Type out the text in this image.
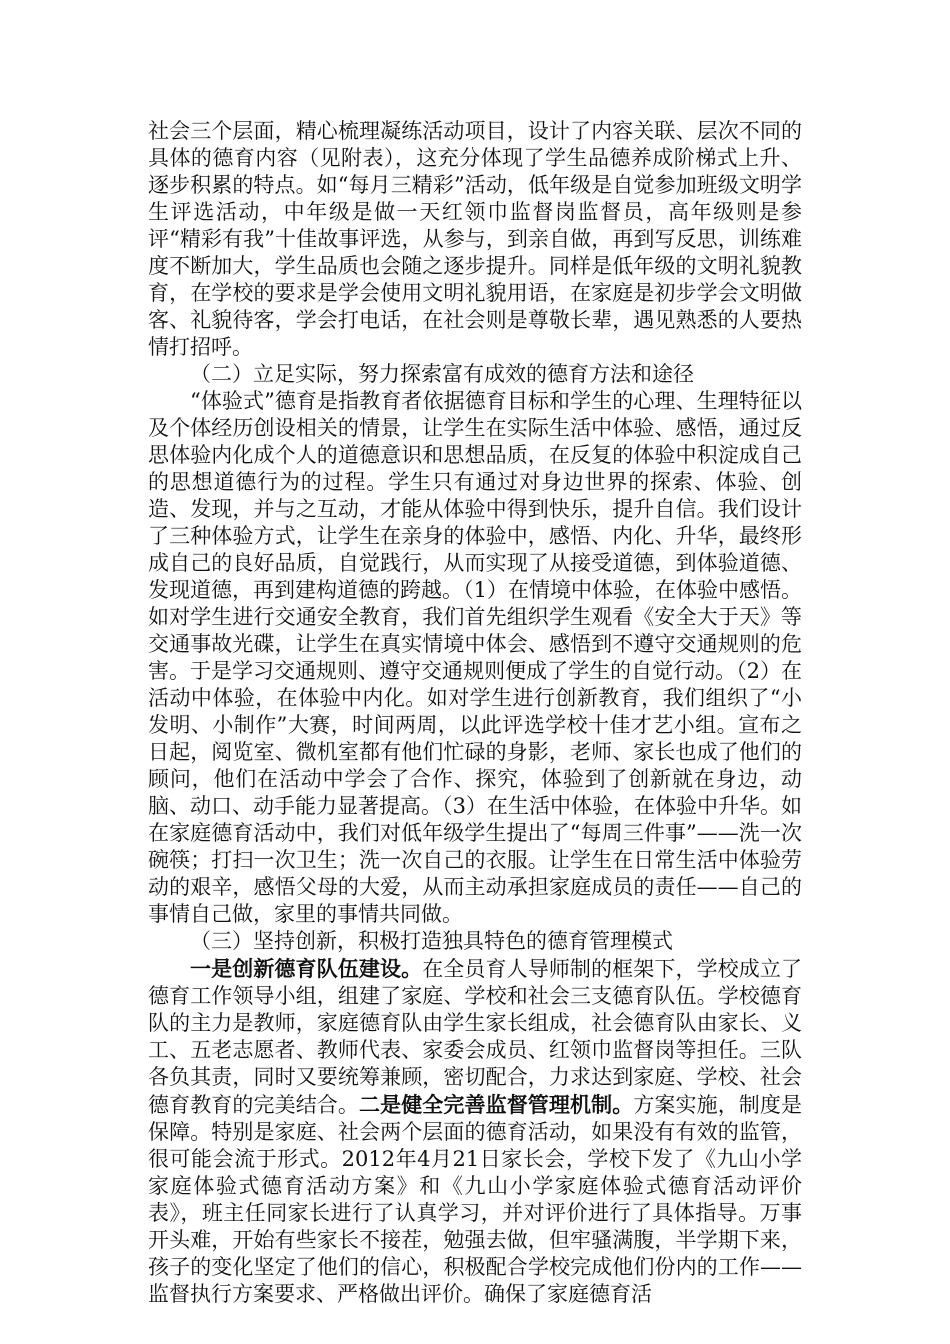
社会三个层面，精心梳理凝练活动项目，设计了内容关联、层次不同的具体的德育内容（见附表），这充分体现了学生品德养成阶梯式上升、逐步积累的特点。如“每月三精彩”活动，低年级是自觉参加班级文明学生评选活动，中年级是做一天红领巾监督岗监督员，高年级则是参评“精彩有我”十佳故事评选，从参与，到亲自做，再到写反思，训练难度不断加大，学生品质也会随之逐步提升。同样是低年级的文明礼貌教育，在学校的要求是学会使用文明礼貌用语，在家庭是初步学会文明做客、礼貌待客，学会打电话，在社会则是尊敬长辈，遇见熟悉的人要热情打招呼。

（二）立足实际，努力探索富有成效的德育方法和途径

“体验式”德育是指教育者依据德育目标和学生的心理、生理特征以及个体经历创设相关的情景，让学生在实际生活中体验、感悟，通过反思体验内化成个人的道德意识和思想品质，在反复的体验中积淀成自己的思想道德行为的过程。学生只有通过对身边世界的探索、体验、创造、发现，并与之互动，才能从体验中得到快乐，提升自信。我们设计了三种体验方式，让学生在亲身的体验中，感悟、内化、升华，最终形成自己的良好品质，自觉践行，从而实现了从接受道德，到体验道德、发现道德，再到建构道德的跨越。（1）在情境中体验，在体验中感悟。如对学生进行交通安全教育，我们首先组织学生观看《安全大于天》等交通事故光碟，让学生在真实情境中体会、感悟到不遵守交通规则的危害。于是学习交通规则、遵守交通规则便成了学生的自觉行动。（2）在活动中体验，在体验中内化。如对学生进行创新教育，我们组织了“小发明、小制作”大赛，时间两周，以此评选学校十佳才艺小组。宣布之日起，阅览室、微机室都有他们忙碌的身影，老师、家长也成了他们的顾问，他们在活动中学会了合作、探究，体验到了创新就在身边，动脑、动口、动手能力显著提高。（3）在生活中体验，在体验中升华。如在家庭德育活动中，我们对低年级学生提出了“每周三件事”——洗一次碗筷；打扫一次卫生；洗一次自己的衣服。让学生在日常生活中体验劳动的艰辛，感悟父母的大爱，从而主动承担家庭成员的责任——自己的事情自己做，家里的事情共同做。

（三）坚持创新，积极打造独具特色的德育管理模式

一是创新德育队伍建设。在全员育人导师制的框架下，学校成立了德育工作领导小组，组建了家庭、学校和社会三支德育队伍。学校德育队的主力是教师，家庭德育队由学生家长组成，社会德育队由家长、义工、五老志愿者、教师代表、家委会成员、红领巾监督岗等担任。三队各负其责，同时又要统筹兼顾，密切配合，力求达到家庭、学校、社会德育教育的完美结合。二是健全完善监督管理机制。方案实施，制度是保障。特别是家庭、社会两个层面的德育活动，如果没有有效的监管，很可能会流于形式。2012年4月21日家长会，学校下发了《九山小学家庭体验式德育活动方案》和《九山小学家庭体验式德育活动评价表》，班主任同家长进行了认真学习，并对评价进行了具体指导。万事开头难，开始有些家长不接茬，勉强去做，但牢骚满腹，半学期下来，孩子的变化坚定了他们的信心，积极配合学校完成他们份内的工作——监督执行方案要求、严格做出评价。确保了家庭德育活
